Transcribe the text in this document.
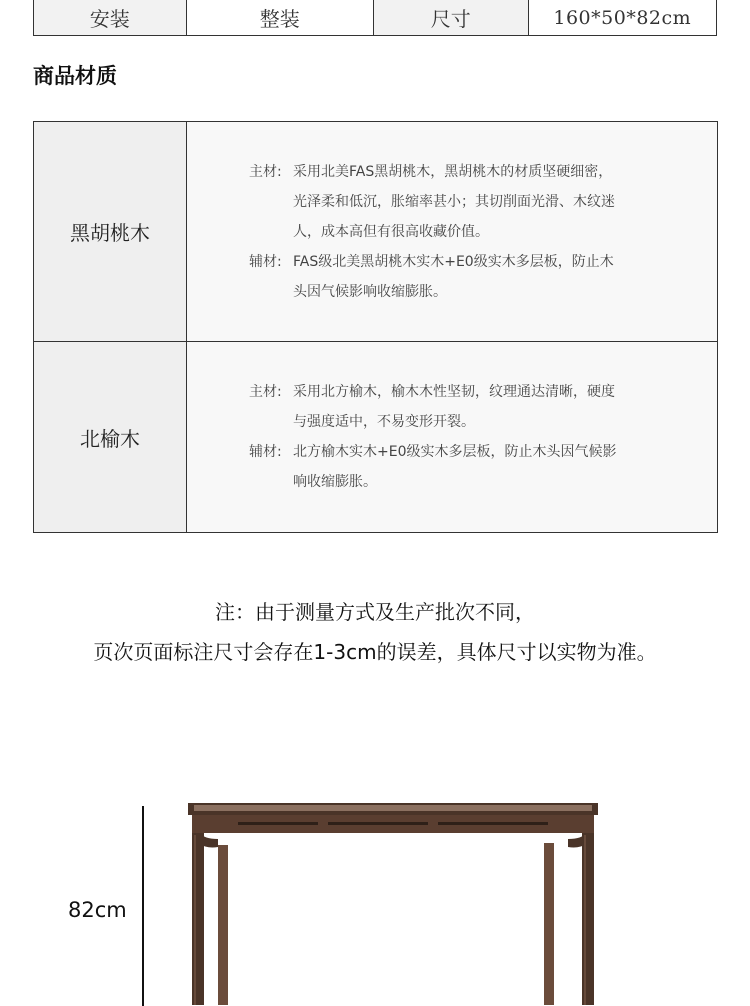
安装	整装	尺寸	160*50*82cm
商品材质
黑胡桃木
主材: 采用北美FAS黑胡桃木，黑胡桃木的材质坚硬细密，
光泽柔和低沉，胀缩率甚小；其切削面光滑、木纹迷
人，成本高但有很高收藏价值。
辅材: FAS级北美黑胡桃木实木+E0级实木多层板，防止木
头因气候影响收缩膨胀。
北榆木
主材: 采用北方榆木，榆木木性坚韧，纹理通达清晰，硬度
与强度适中，不易变形开裂。
辅材: 北方榆木实木+E0级实木多层板，防止木头因气候影
响收缩膨胀。
注：由于测量方式及生产批次不同，
页次页面标注尺寸会存在1-3cm的误差，具体尺寸以实物为准。
82cm
